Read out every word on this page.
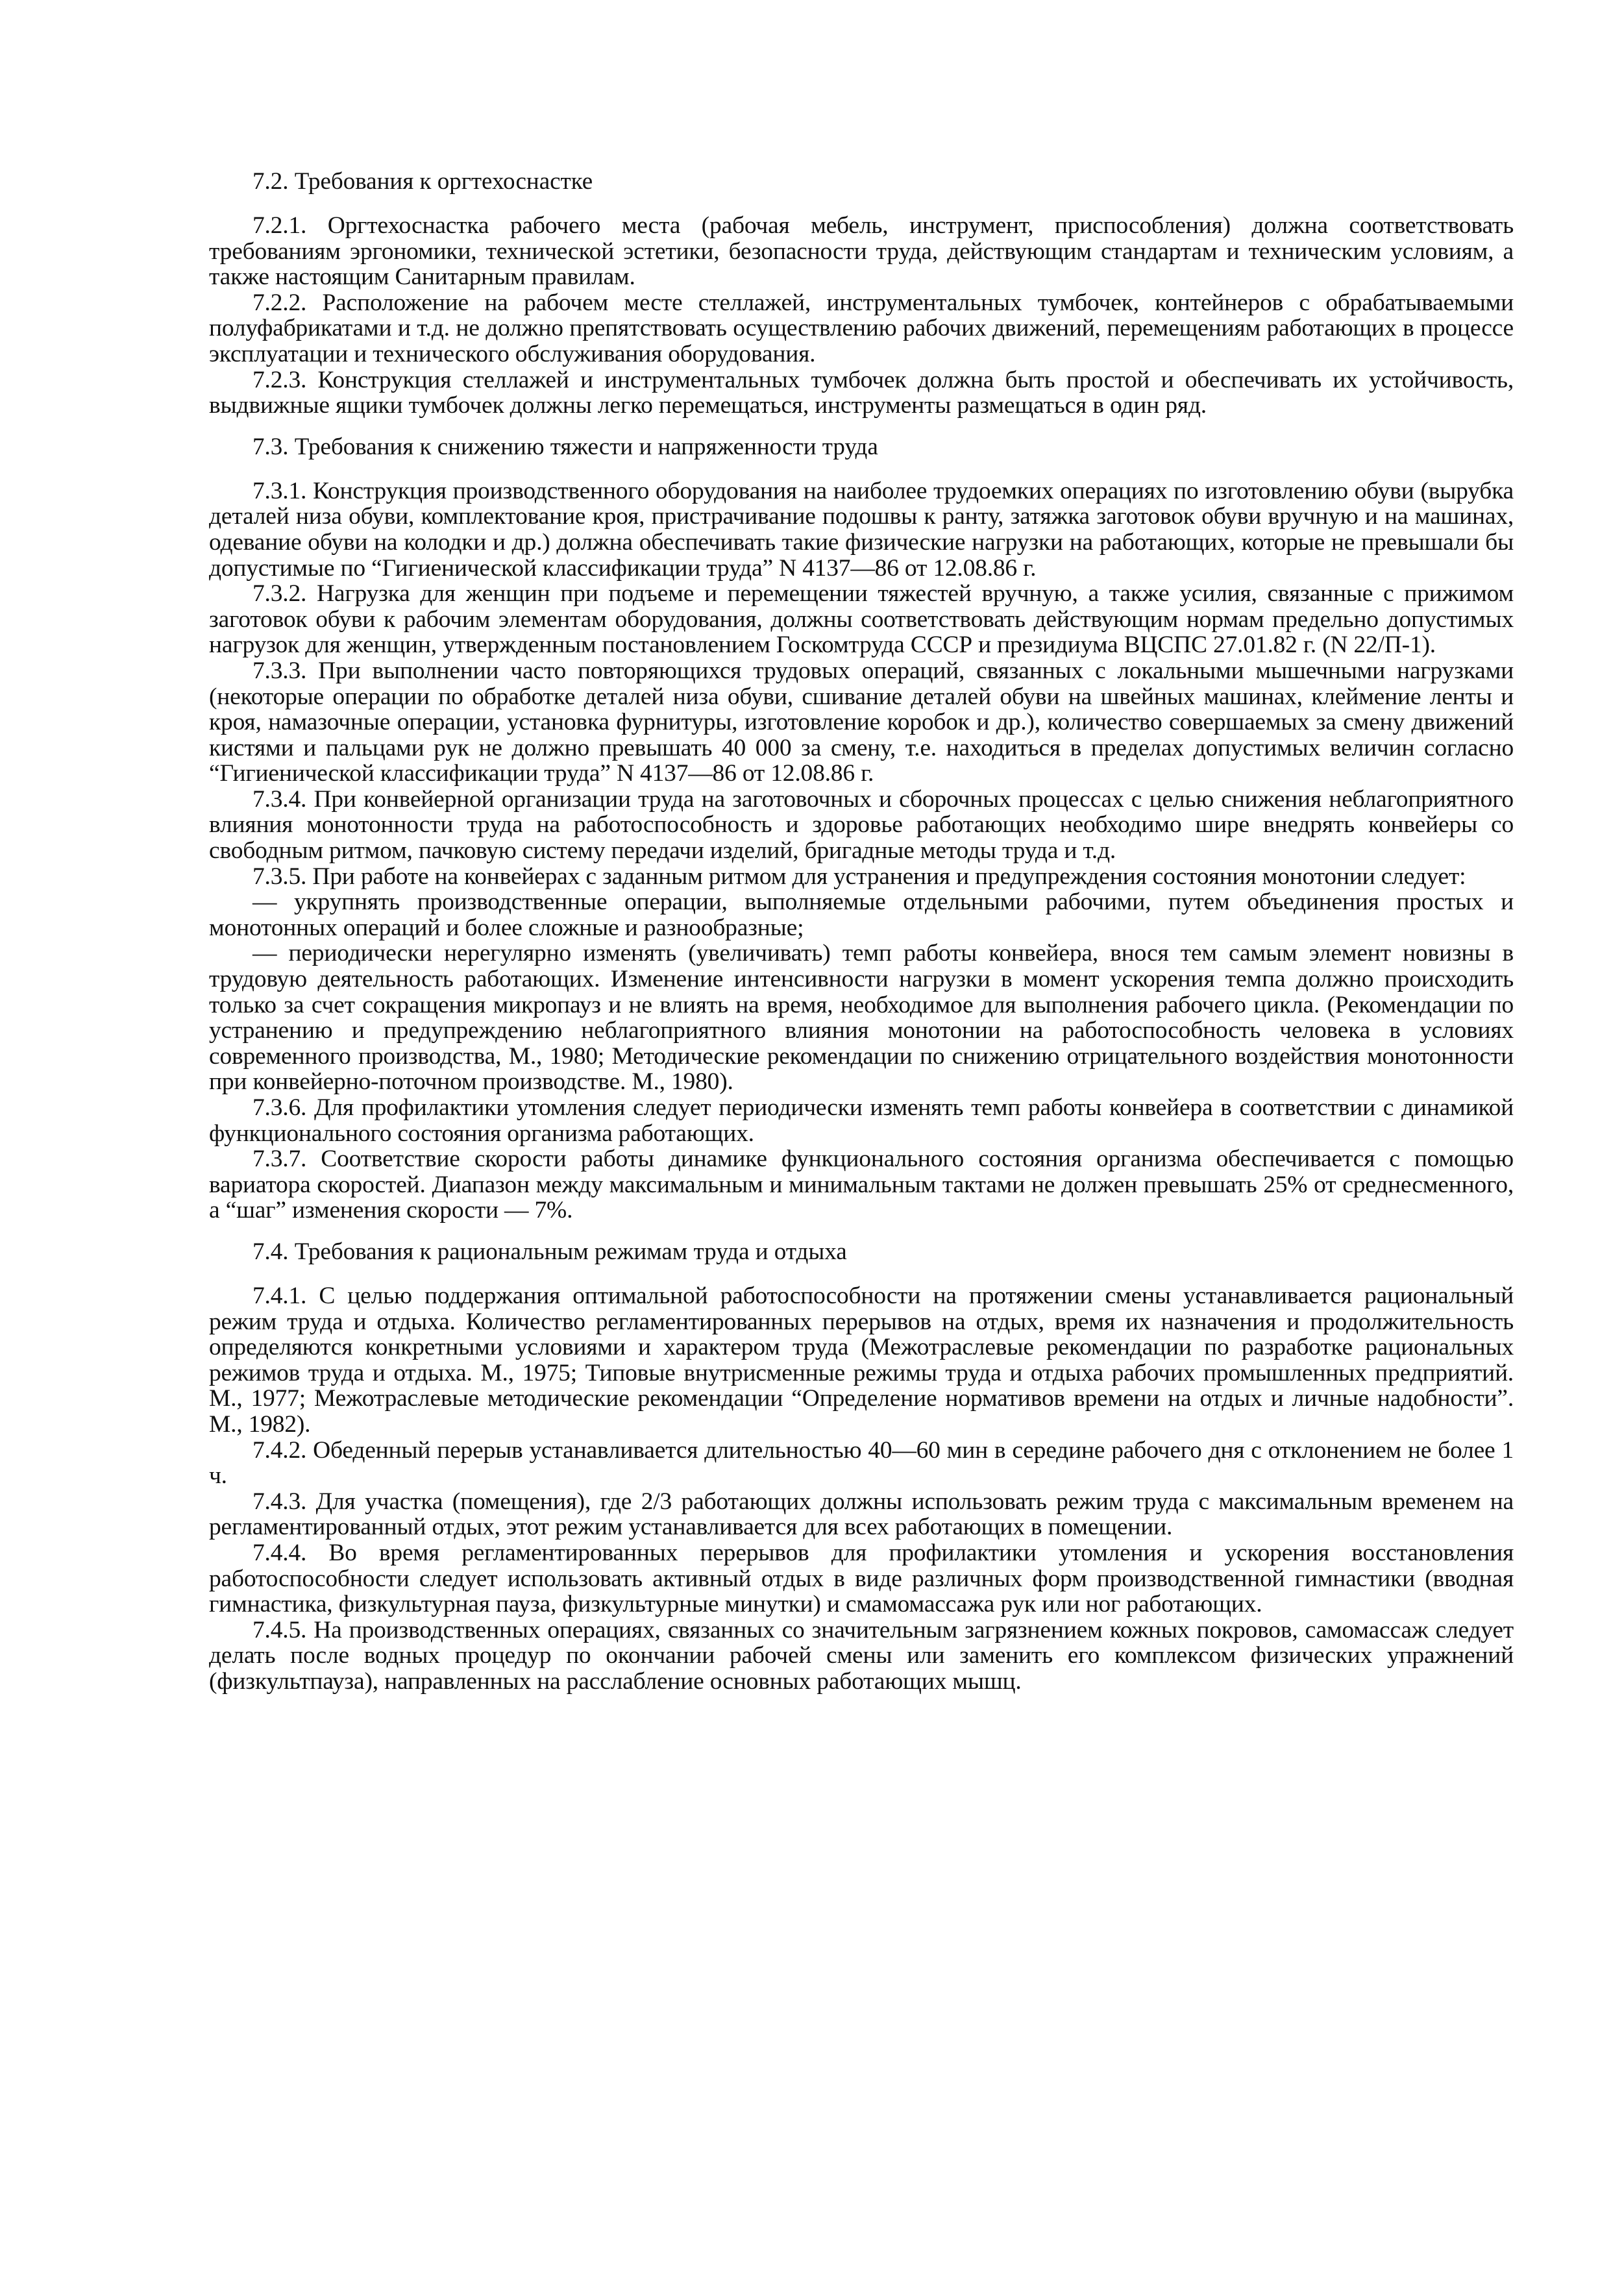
7.2. Требования к оргтехоснастке

7.2.1. Оргтехоснастка рабочего места (рабочая мебель, инструмент, приспособления) должна соответствовать требованиям эргономики, технической эстетики, безопасности труда, действующим стандартам и техническим условиям, а также настоящим Санитарным правилам.

7.2.2. Расположение на рабочем месте стеллажей, инструментальных тумбочек, контейнеров с обрабатываемыми полуфабрикатами и т.д. не должно препятствовать осуществлению рабочих движений, перемещениям работающих в процессе эксплуатации и технического обслуживания оборудования.

7.2.3. Конструкция стеллажей и инструментальных тумбочек должна быть простой и обеспечивать их устойчивость, выдвижные ящики тумбочек должны легко перемещаться, инструменты размещаться в один ряд.

7.3. Требования к снижению тяжести и напряженности труда

7.3.1. Конструкция производственного оборудования на наиболее трудоемких операциях по изготовлению обуви (вырубка деталей низа обуви, комплектование кроя, пристрачивание подошвы к ранту, затяжка заготовок обуви вручную и на машинах, одевание обуви на колодки и др.) должна обеспечивать такие физические нагрузки на работающих, которые не превышали бы допустимые по “Гигиенической классификации труда” N 4137—86 от 12.08.86 г.

7.3.2. Нагрузка для женщин при подъеме и перемещении тяжестей вручную, а также усилия, связанные с прижимом заготовок обуви к рабочим элементам оборудования, должны соответствовать действующим нормам предельно допустимых нагрузок для женщин, утвержденным постановлением Госкомтруда СССР и президиума ВЦСПС 27.01.82 г. (N 22/П-1).

7.3.3. При выполнении часто повторяющихся трудовых операций, связанных с локальными мышечными нагрузками (некоторые операции по обработке деталей низа обуви, сшивание деталей обуви на швейных машинах, клеймение ленты и кроя, намазочные операции, установка фурнитуры, изготовление коробок и др.), количество совершаемых за смену движений кистями и пальцами рук не должно превышать 40 000 за смену, т.е. находиться в пределах допустимых величин согласно “Гигиенической классификации труда” N 4137—86 от 12.08.86 г.

7.3.4. При конвейерной организации труда на заготовочных и сборочных процессах с целью снижения неблагоприятного влияния монотонности труда на работоспособность и здоровье работающих необходимо шире внедрять конвейеры со свободным ритмом, пачковую систему передачи изделий, бригадные методы труда и т.д.

7.3.5. При работе на конвейерах с заданным ритмом для устранения и предупреждения состояния монотонии следует:

— укрупнять производственные операции, выполняемые отдельными рабочими, путем объединения простых и монотонных операций и более сложные и разнообразные;

— периодически нерегулярно изменять (увеличивать) темп работы конвейера, внося тем самым элемент новизны в трудовую деятельность работающих. Изменение интенсивности нагрузки в момент ускорения темпа должно происходить только за счет сокращения микропауз и не влиять на время, необходимое для выполнения рабочего цикла. (Рекомендации по устранению и предупреждению неблагоприятного влияния монотонии на работоспособность человека в условиях современного производства, М., 1980; Методические рекомендации по снижению отрицательного воздействия монотонности при конвейерно-поточном производстве. М., 1980).

7.3.6. Для профилактики утомления следует периодически изменять темп работы конвейера в соответствии с динамикой функционального состояния организма работающих.

7.3.7. Соответствие скорости работы динамике функционального состояния организма обеспечивается с помощью вариатора скоростей. Диапазон между максимальным и минимальным тактами не должен превышать 25% от среднесменного, а “шаг” изменения скорости — 7%.

7.4. Требования к рациональным режимам труда и отдыха

7.4.1. С целью поддержания оптимальной работоспособности на протяжении смены устанавливается рациональный режим труда и отдыха. Количество регламентированных перерывов на отдых, время их назначения и продолжительность определяются конкретными условиями и характером труда (Межотраслевые рекомендации по разработке рациональных режимов труда и отдыха. М., 1975; Типовые внутрисменные режимы труда и отдыха рабочих промышленных предприятий. М., 1977; Межотраслевые методические рекомендации “Определение нормативов времени на отдых и личные надобности”. М., 1982).

7.4.2. Обеденный перерыв устанавливается длительностью 40—60 мин в середине рабочего дня с отклонением не более 1 ч.

7.4.3. Для участка (помещения), где 2/3 работающих должны использовать режим труда с максимальным временем на регламентированный отдых, этот режим устанавливается для всех работающих в помещении.

7.4.4. Во время регламентированных перерывов для профилактики утомления и ускорения восстановления работоспособности следует использовать активный отдых в виде различных форм производственной гимнастики (вводная гимнастика, физкультурная пауза, физкультурные минутки) и смамомассажа рук или ног работающих.

7.4.5. На производственных операциях, связанных со значительным загрязнением кожных покровов, самомассаж следует делать после водных процедур по окончании рабочей смены или заменить его комплексом физических упражнений (физкультпауза), направленных на расслабление основных работающих мышц.
